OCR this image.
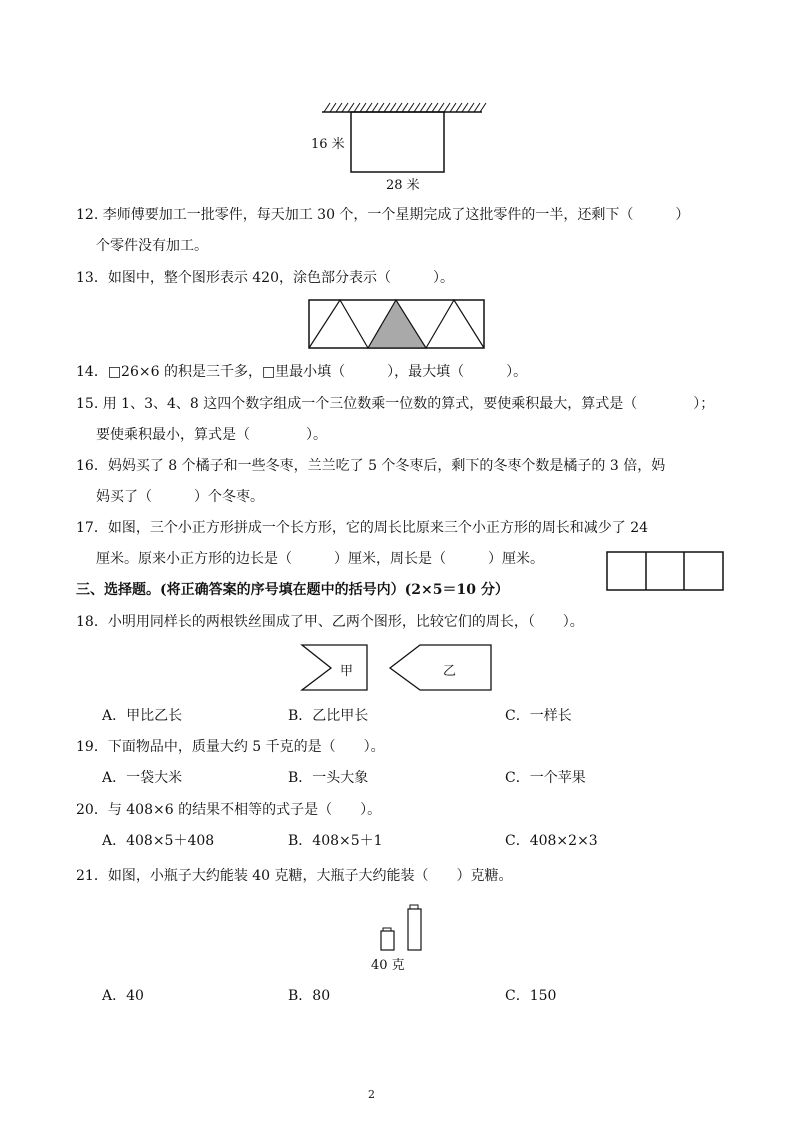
16 米
28 米
12. 李师傅要加工一批零件，每天加工 30 个，一个星期完成了这批零件的一半，还剩下（　　　）
个零件没有加工。
13．如图中，整个图形表示 420，涂色部分表示（　　　）。
14．□26×6 的积是三千多，□里最小填（　　　），最大填（　　　）。
15. 用 1、3、4、8 这四个数字组成一个三位数乘一位数的算式，要使乘积最大，算式是（　　　　）；
要使乘积最小，算式是（　　　　）。
16．妈妈买了 8 个橘子和一些冬枣，兰兰吃了 5 个冬枣后，剩下的冬枣个数是橘子的 3 倍，妈
妈买了（　　　）个冬枣。
17．如图，三个小正方形拼成一个长方形，它的周长比原来三个小正方形的周长和减少了 24
厘米。原来小正方形的边长是（　　　）厘米，周长是（　　　）厘米。
三、选择题。(将正确答案的序号填在题中的括号内）(2×5＝10 分）
18．小明用同样长的两根铁丝围成了甲、乙两个图形，比较它们的周长，（　　）。
甲	乙
A．甲比乙长	B．乙比甲长	C．一样长
19．下面物品中，质量大约 5 千克的是（　　）。
A．一袋大米	B．一头大象	C．一个苹果
20．与 408×6 的结果不相等的式子是（　　）。
A．408×5＋408	B．408×5＋1	C．408×2×3
21．如图，小瓶子大约能装 40 克糖，大瓶子大约能装（　　）克糖。
40 克
A．40	B．80	C．150
2
